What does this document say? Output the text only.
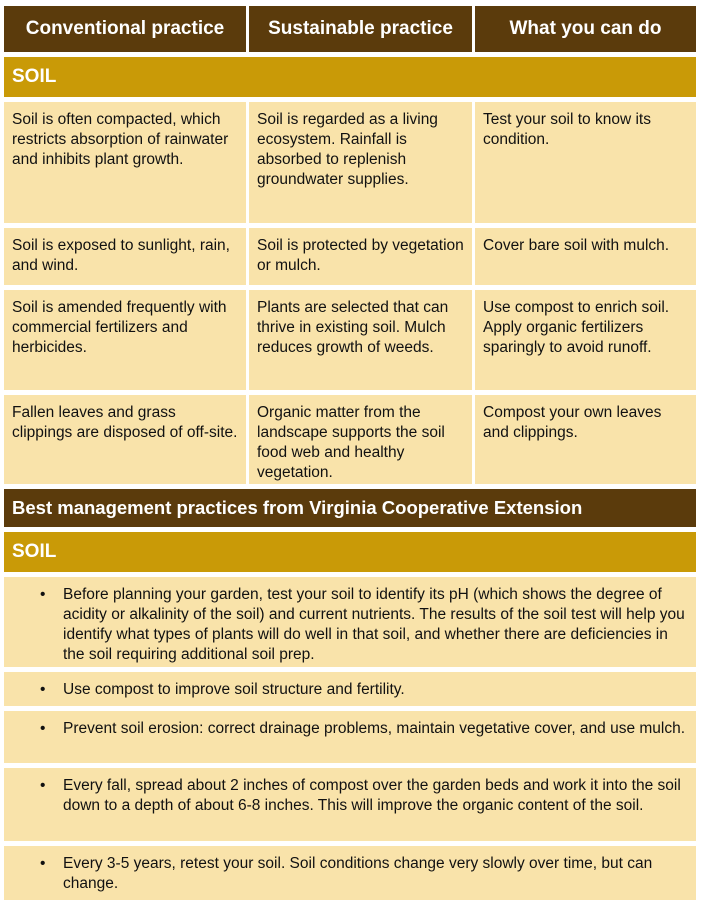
Conventional practice	Sustainable practice	What you can do
SOIL
Soil is often compacted, which restricts absorption of rainwater and inhibits plant growth.
Soil is regarded as a living ecosystem. Rainfall is absorbed to replenish groundwater supplies.
Test your soil to know its condition.
Soil is exposed to sunlight, rain, and wind.
Soil is protected by vegetation or mulch.
Cover bare soil with mulch.
Soil is amended frequently with commercial fertilizers and herbicides.
Plants are selected that can thrive in existing soil. Mulch reduces growth of weeds.
Use compost to enrich soil. Apply organic fertilizers sparingly to avoid runoff.
Fallen leaves and grass clippings are disposed of off-site.
Organic matter from the landscape supports the soil food web and healthy vegetation.
Compost your own leaves and clippings.
Best management practices from Virginia Cooperative Extension
SOIL
• Before planning your garden, test your soil to identify its pH (which shows the degree of acidity or alkalinity of the soil) and current nutrients. The results of the soil test will help you identify what types of plants will do well in that soil, and whether there are deficiencies in the soil requiring additional soil prep.
• Use compost to improve soil structure and fertility.
• Prevent soil erosion: correct drainage problems, maintain vegetative cover, and use mulch.
• Every fall, spread about 2 inches of compost over the garden beds and work it into the soil down to a depth of about 6-8 inches. This will improve the organic content of the soil.
• Every 3-5 years, retest your soil. Soil conditions change very slowly over time, but can change.
